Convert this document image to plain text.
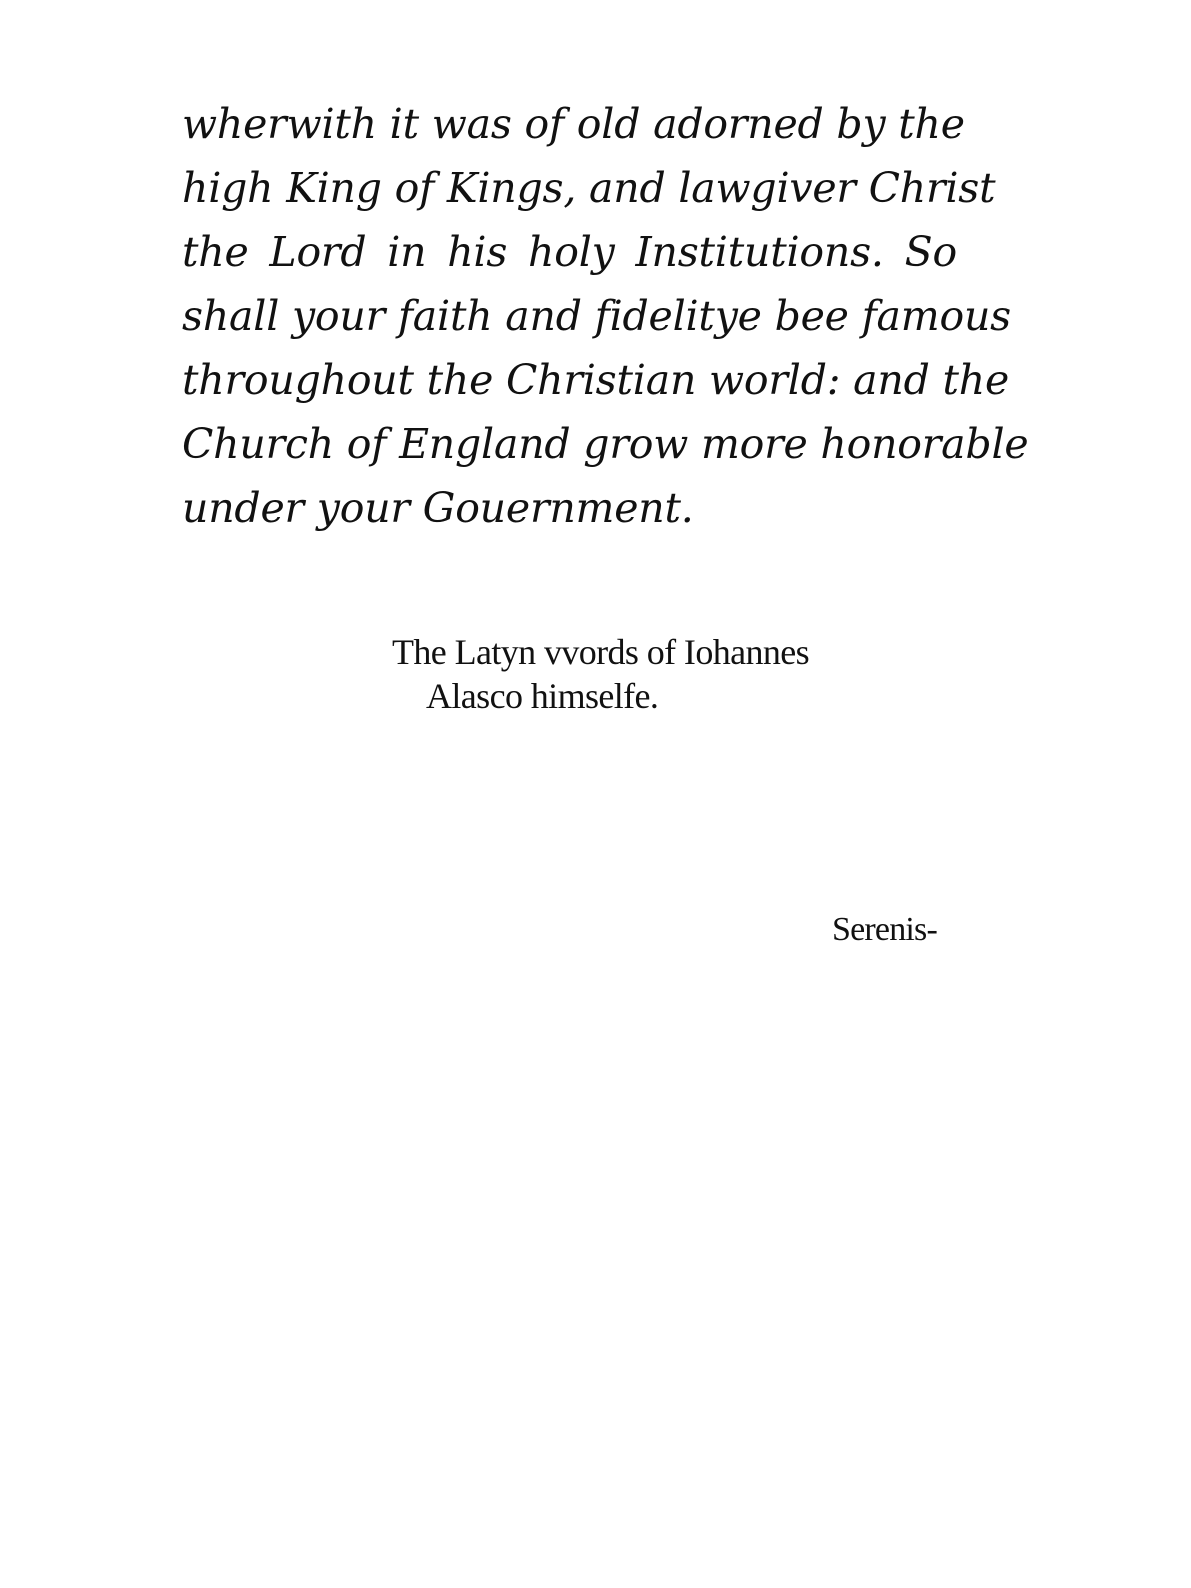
wherwith it was of old adorned by the
high King of Kings, and lawgiver Christ
the Lord in his holy Institutions. So
shall your faith and fidelitye bee famous
throughout the Christian world: and the
Church of England grow more honorable
under your Gouernment.
The Latyn vvords of Iohannes
Alasco himselfe.
Serenis-
